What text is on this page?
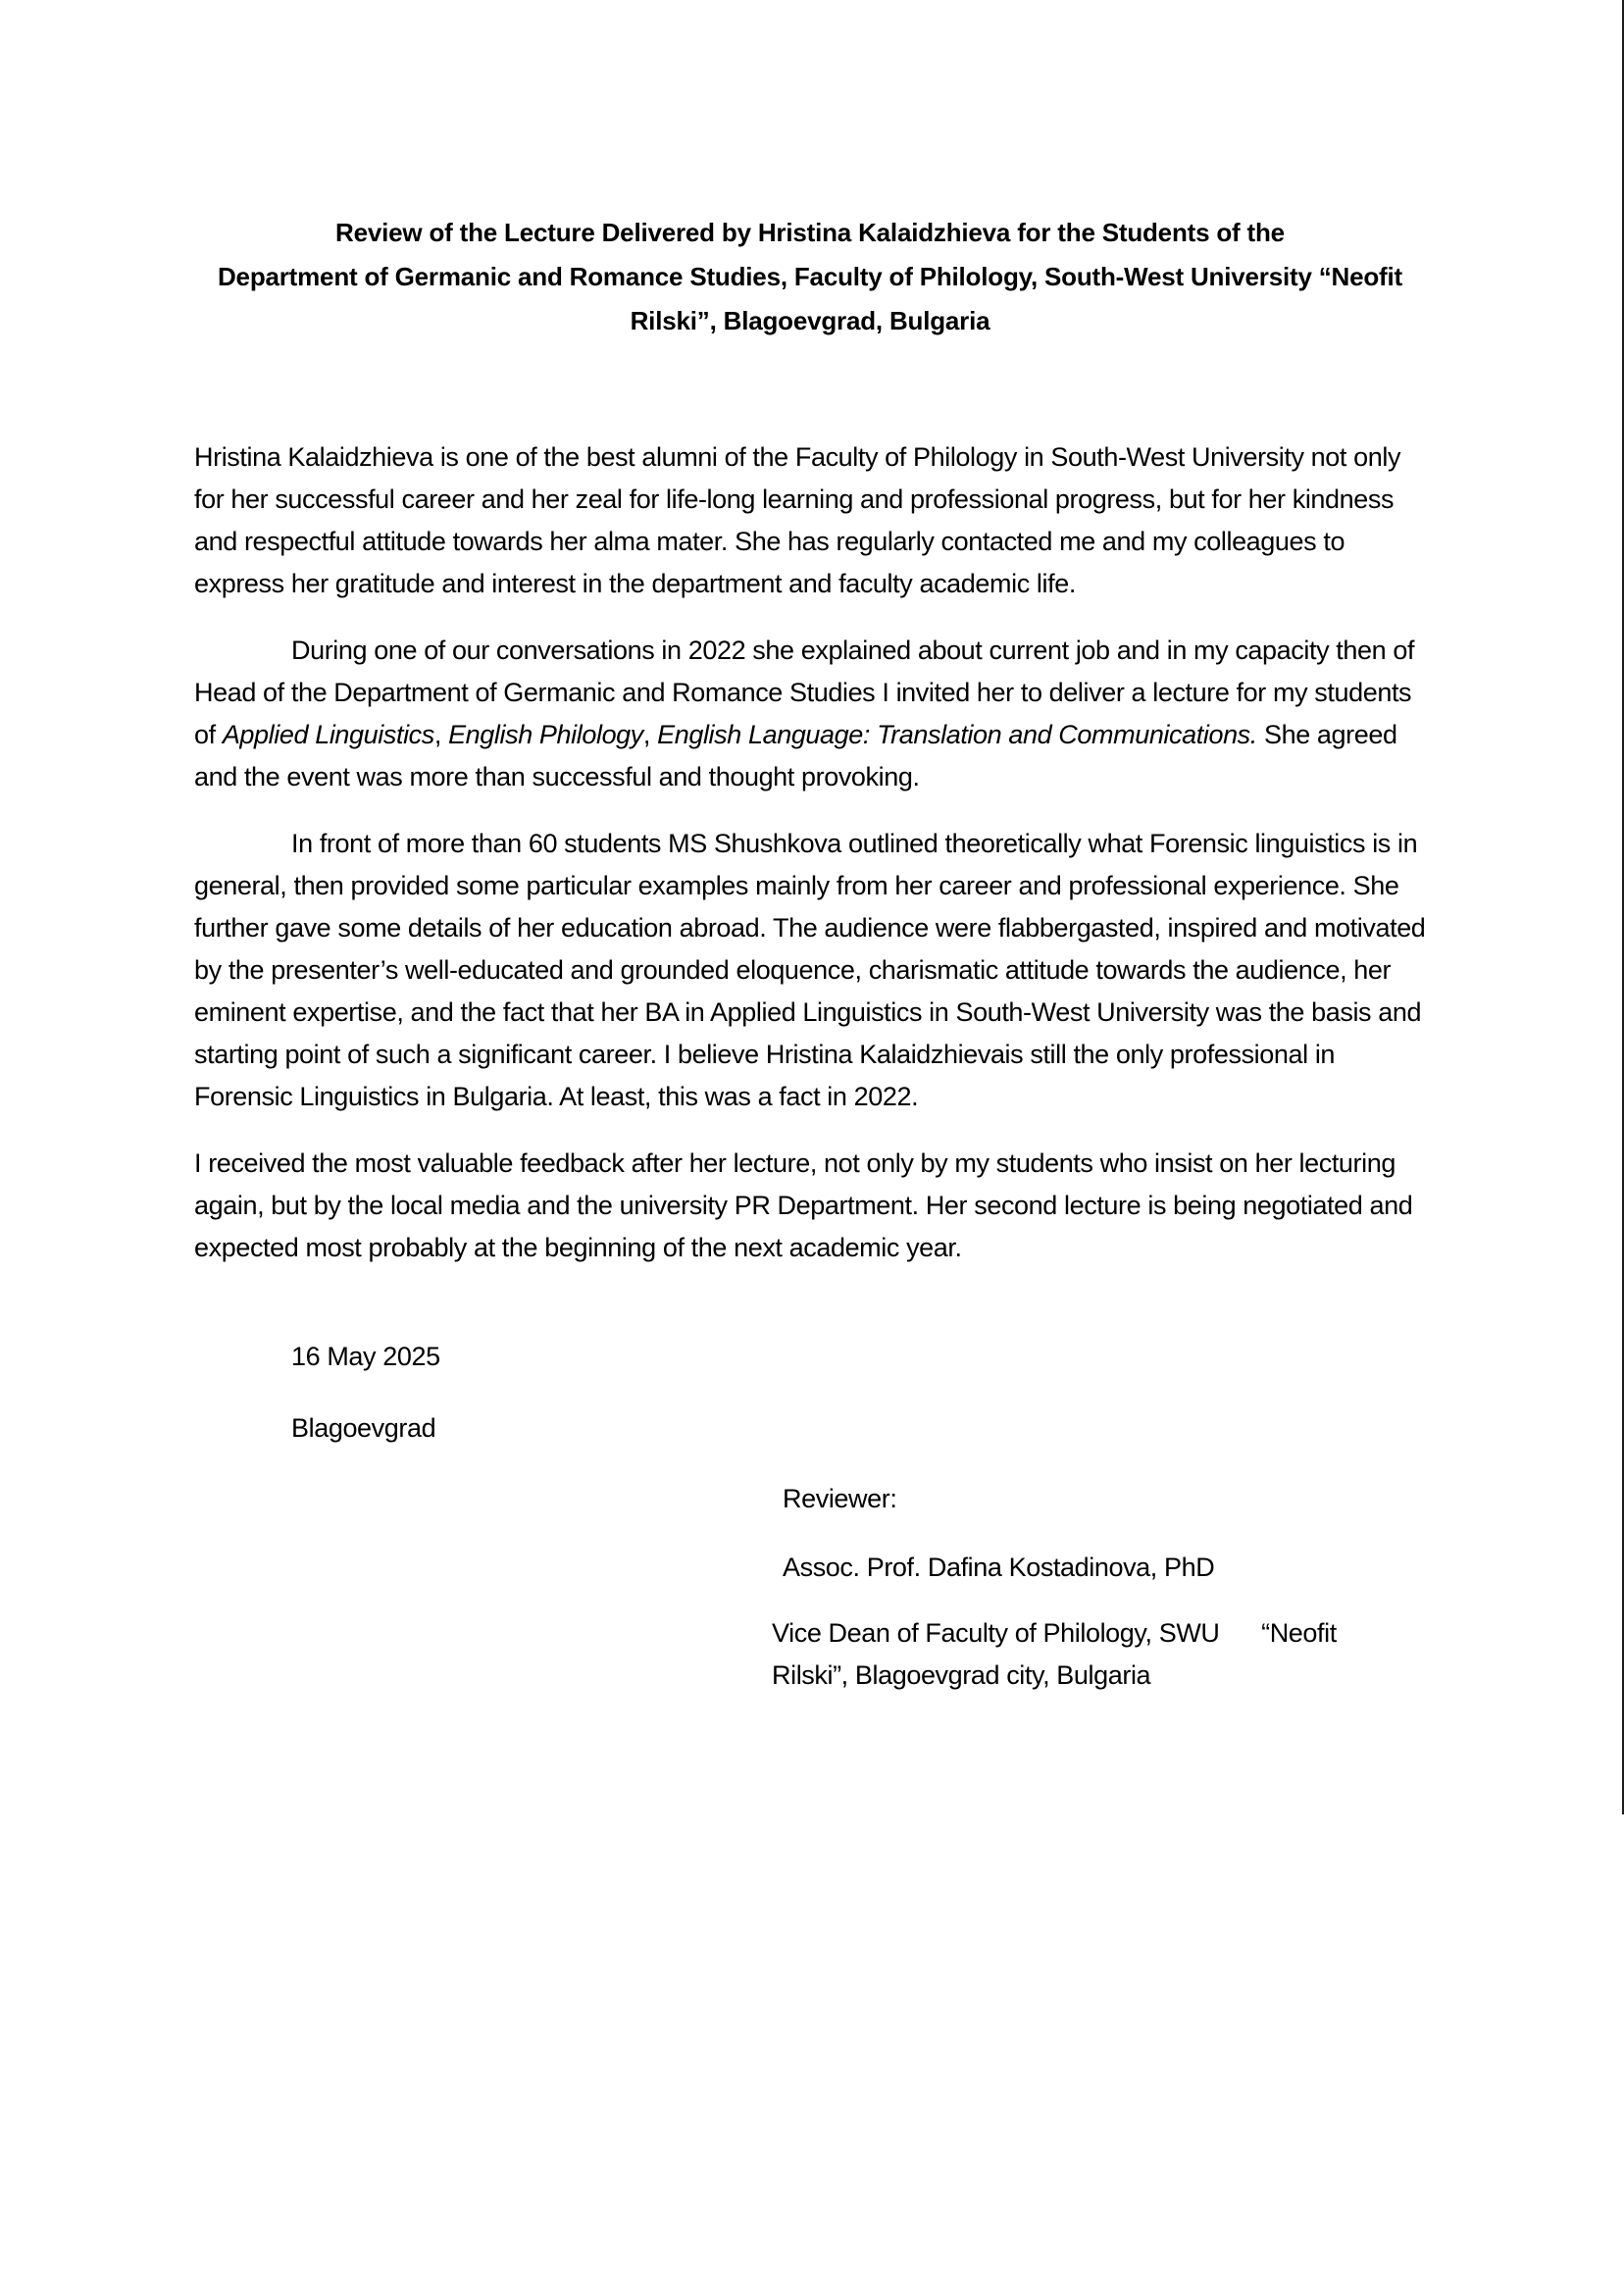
Review of the Lecture Delivered by Hristina Kalaidzhieva for the Students of the
Department of Germanic and Romance Studies, Faculty of Philology, South-West University “Neofit
Rilski”, Blagoevgrad, Bulgaria

Hristina Kalaidzhieva is one of the best alumni of the Faculty of Philology in South-West University not only for her successful career and her zeal for life-long learning and professional progress, but for her kindness and respectful attitude towards her alma mater. She has regularly contacted me and my colleagues to express her gratitude and interest in the department and faculty academic life.

During one of our conversations in 2022 she explained about current job and in my capacity then of Head of the Department of Germanic and Romance Studies I invited her to deliver a lecture for my students of Applied Linguistics, English Philology, English Language: Translation and Communications. She agreed and the event was more than successful and thought provoking.

In front of more than 60 students MS Shushkova outlined theoretically what Forensic linguistics is in general, then provided some particular examples mainly from her career and professional experience. She further gave some details of her education abroad. The audience were flabbergasted, inspired and motivated by the presenter’s well-educated and grounded eloquence, charismatic attitude towards the audience, her eminent expertise, and the fact that her BA in Applied Linguistics in South-West University was the basis and starting point of such a significant career. I believe Hristina Kalaidzhievais still the only professional in Forensic Linguistics in Bulgaria. At least, this was a fact in 2022.

I received the most valuable feedback after her lecture, not only by my students who insist on her lecturing again, but by the local media and the university PR Department. Her second lecture is being negotiated and expected most probably at the beginning of the next academic year.

16 May 2025
Blagoevgrad
Reviewer:
Assoc. Prof. Dafina Kostadinova, PhD
Vice Dean of Faculty of Philology, SWU      “Neofit
Rilski”, Blagoevgrad city, Bulgaria
